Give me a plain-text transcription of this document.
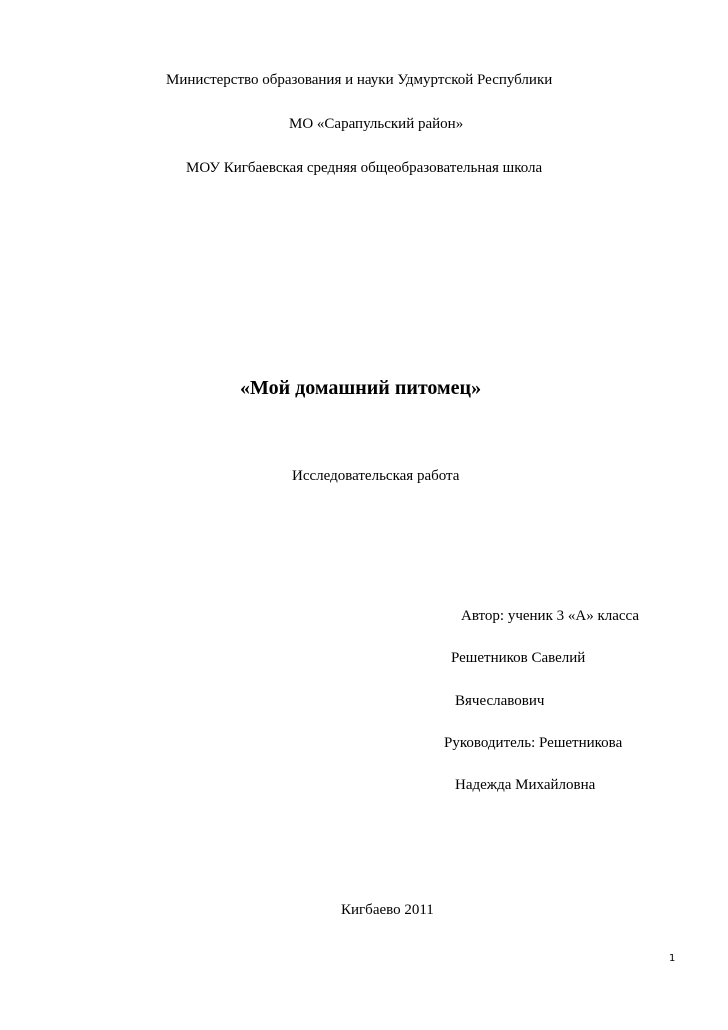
Министерство образования и науки Удмуртской Республики
МО «Сарапульский район»
МОУ Кигбаевская средняя общеобразовательная школа
«Мой домашний питомец»
Исследовательская работа
Автор: ученик 3 «А» класса
Решетников Савелий
Вячеславович
Руководитель: Решетникова
Надежда Михайловна
Кигбаево 2011
1
